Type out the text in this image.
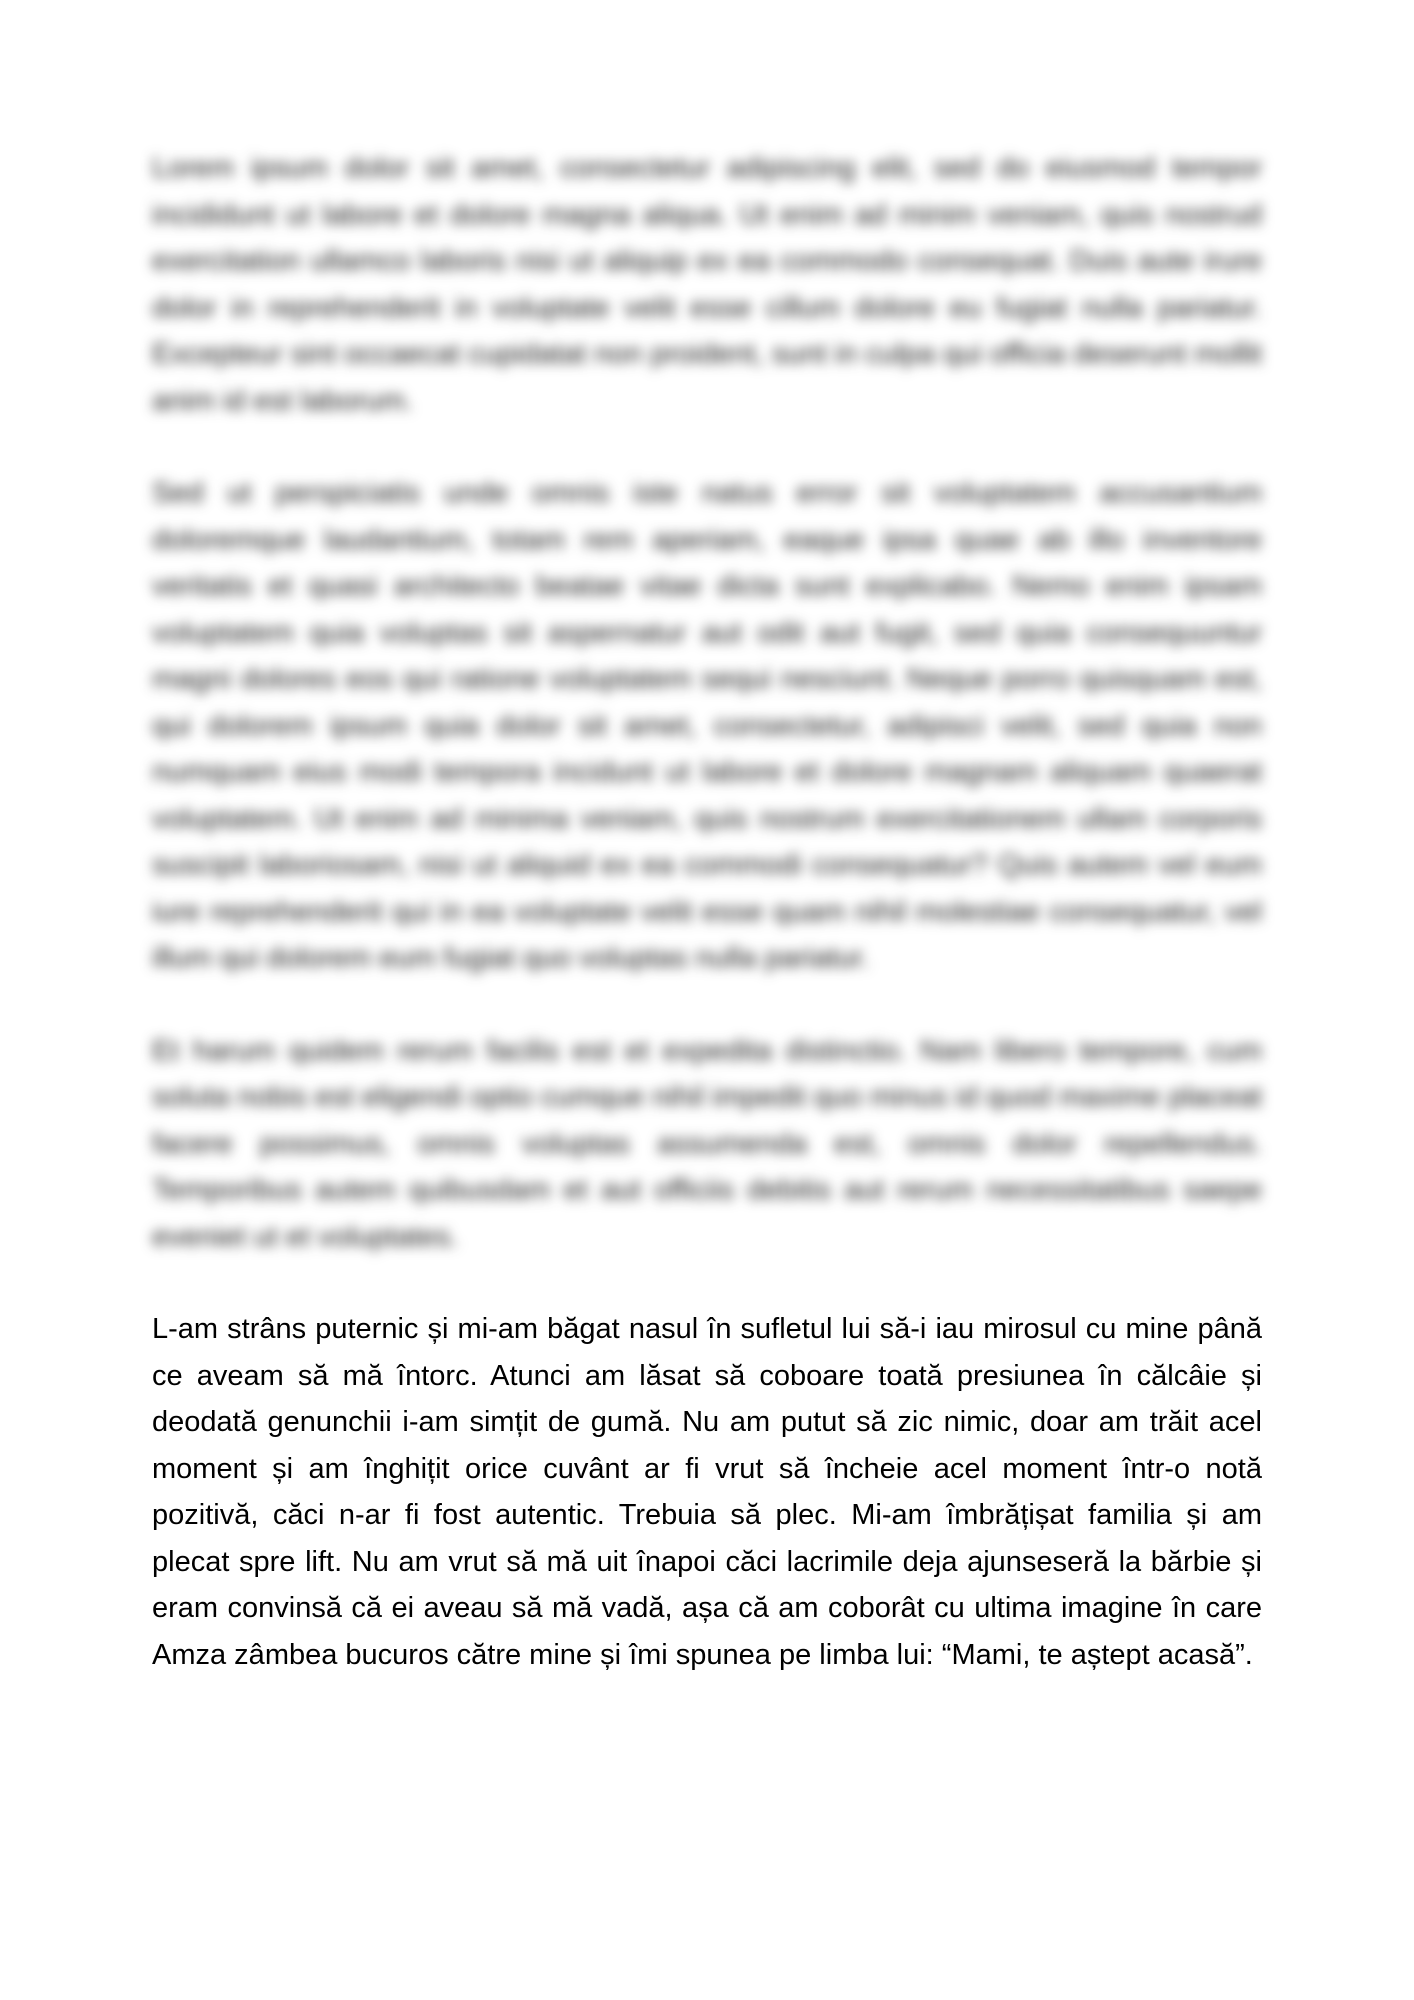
Lorem ipsum dolor sit amet, consectetur adipiscing elit, sed do eiusmod tempor incididunt ut labore et dolore magna aliqua. Ut enim ad minim veniam, quis nostrud exercitation ullamco laboris nisi ut aliquip ex ea commodo consequat. Duis aute irure dolor in reprehenderit in voluptate velit esse cillum dolore eu fugiat nulla pariatur. Excepteur sint occaecat cupidatat non proident, sunt in culpa qui officia deserunt mollit anim id est laborum.

Sed ut perspiciatis unde omnis iste natus error sit voluptatem accusantium doloremque laudantium, totam rem aperiam, eaque ipsa quae ab illo inventore veritatis et quasi architecto beatae vitae dicta sunt explicabo. Nemo enim ipsam voluptatem quia voluptas sit aspernatur aut odit aut fugit, sed quia consequuntur magni dolores eos qui ratione voluptatem sequi nesciunt. Neque porro quisquam est, qui dolorem ipsum quia dolor sit amet, consectetur, adipisci velit, sed quia non numquam eius modi tempora incidunt ut labore et dolore magnam aliquam quaerat voluptatem. Ut enim ad minima veniam, quis nostrum exercitationem ullam corporis suscipit laboriosam, nisi ut aliquid ex ea commodi consequatur? Quis autem vel eum iure reprehenderit qui in ea voluptate velit esse quam nihil molestiae consequatur, vel illum qui dolorem eum fugiat quo voluptas nulla pariatur.

Et harum quidem rerum facilis est et expedita distinctio. Nam libero tempore, cum soluta nobis est eligendi optio cumque nihil impedit quo minus id quod maxime placeat facere possimus, omnis voluptas assumenda est, omnis dolor repellendus. Temporibus autem quibusdam et aut officiis debitis aut rerum necessitatibus saepe eveniet ut et voluptates.

L-am strâns puternic și mi-am băgat nasul în sufletul lui să-i iau mirosul cu mine până ce aveam să mă întorc. Atunci am lăsat să coboare toată presiunea în călcâie și deodată genunchii i-am simțit de gumă. Nu am putut să zic nimic, doar am trăit acel moment și am înghițit orice cuvânt ar fi vrut să încheie acel moment într-o notă pozitivă, căci n-ar fi fost autentic. Trebuia să plec. Mi-am îmbrățișat familia și am plecat spre lift. Nu am vrut să mă uit înapoi căci lacrimile deja ajunseseră la bărbie și eram convinsă că ei aveau să mă vadă, așa că am coborât cu ultima imagine în care Amza zâmbea bucuros către mine și îmi spunea pe limba lui: “Mami, te aștept acasă”.
